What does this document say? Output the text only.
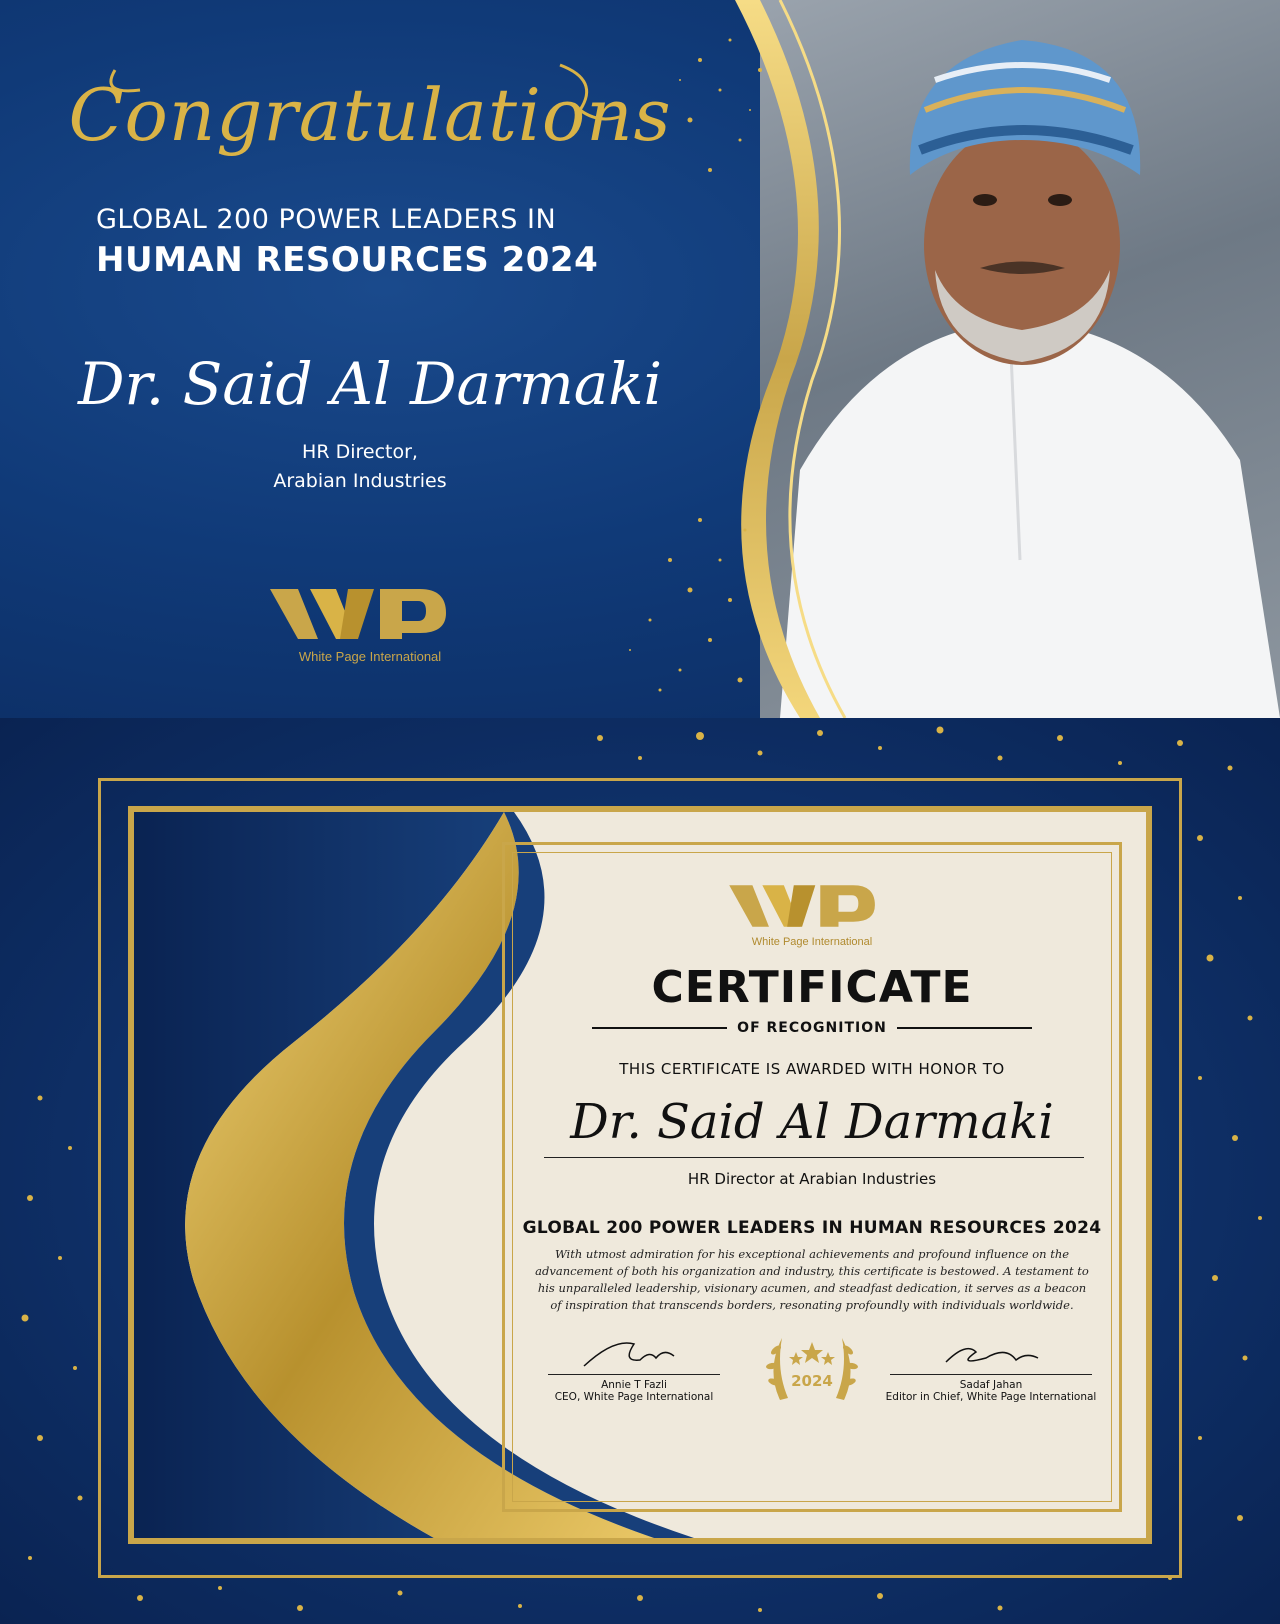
Congratulations
GLOBAL 200 POWER LEADERS IN
HUMAN RESOURCES 2024
Dr. Said Al Darmaki
HR Director,
Arabian Industries
White Page International
White Page International
CERTIFICATE
OF RECOGNITION
THIS CERTIFICATE IS AWARDED WITH HONOR TO
Dr. Said Al Darmaki
HR Director at Arabian Industries
GLOBAL 200 POWER LEADERS IN HUMAN RESOURCES 2024
With utmost admiration for his exceptional achievements and profound influence on the advancement of both his organization and industry, this certificate is bestowed. A testament to his unparalleled leadership, visionary acumen, and steadfast dedication, it serves as a beacon of inspiration that transcends borders, resonating profoundly with individuals worldwide.
Annie T Fazli
CEO, White Page International
2024	Sadaf Jahan
Editor in Chief, White Page International
